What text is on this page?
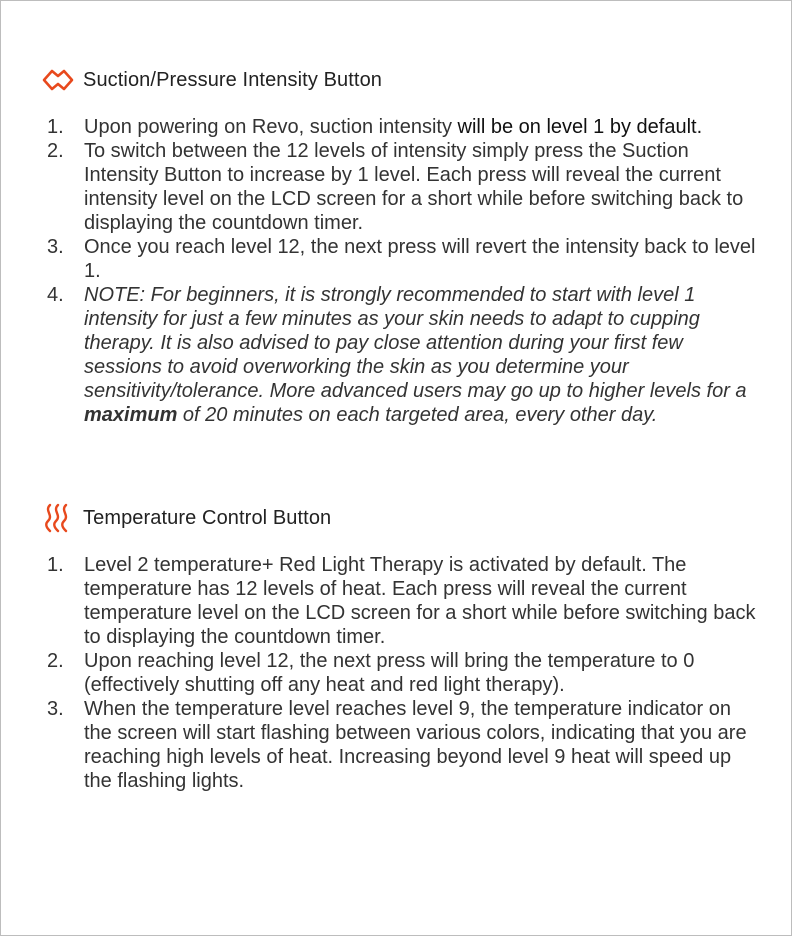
Suction/Pressure Intensity Button
1. Upon powering on Revo, suction intensity will be on level 1 by default.
2. To switch between the 12 levels of intensity simply press the Suction Intensity Button to increase by 1 level. Each press will reveal the current intensity level on the LCD screen for a short while before switching back to displaying the countdown timer.
3. Once you reach level 12, the next press will revert the intensity back to level 1.
4. NOTE: For beginners, it is strongly recommended to start with level 1 intensity for just a few minutes as your skin needs to adapt to cupping therapy. It is also advised to pay close attention during your first few sessions to avoid overworking the skin as you determine your sensitivity/tolerance. More advanced users may go up to higher levels for a maximum of 20 minutes on each targeted area, every other day.
Temperature Control Button
1. Level 2 temperature+ Red Light Therapy is activated by default. The temperature has 12 levels of heat. Each press will reveal the current temperature level on the LCD screen for a short while before switching back to displaying the countdown timer.
2. Upon reaching level 12, the next press will bring the temperature to 0 (effectively shutting off any heat and red light therapy).
3. When the temperature level reaches level 9, the temperature indicator on the screen will start flashing between various colors, indicating that you are reaching high levels of heat. Increasing beyond level 9 heat will speed up the flashing lights.
